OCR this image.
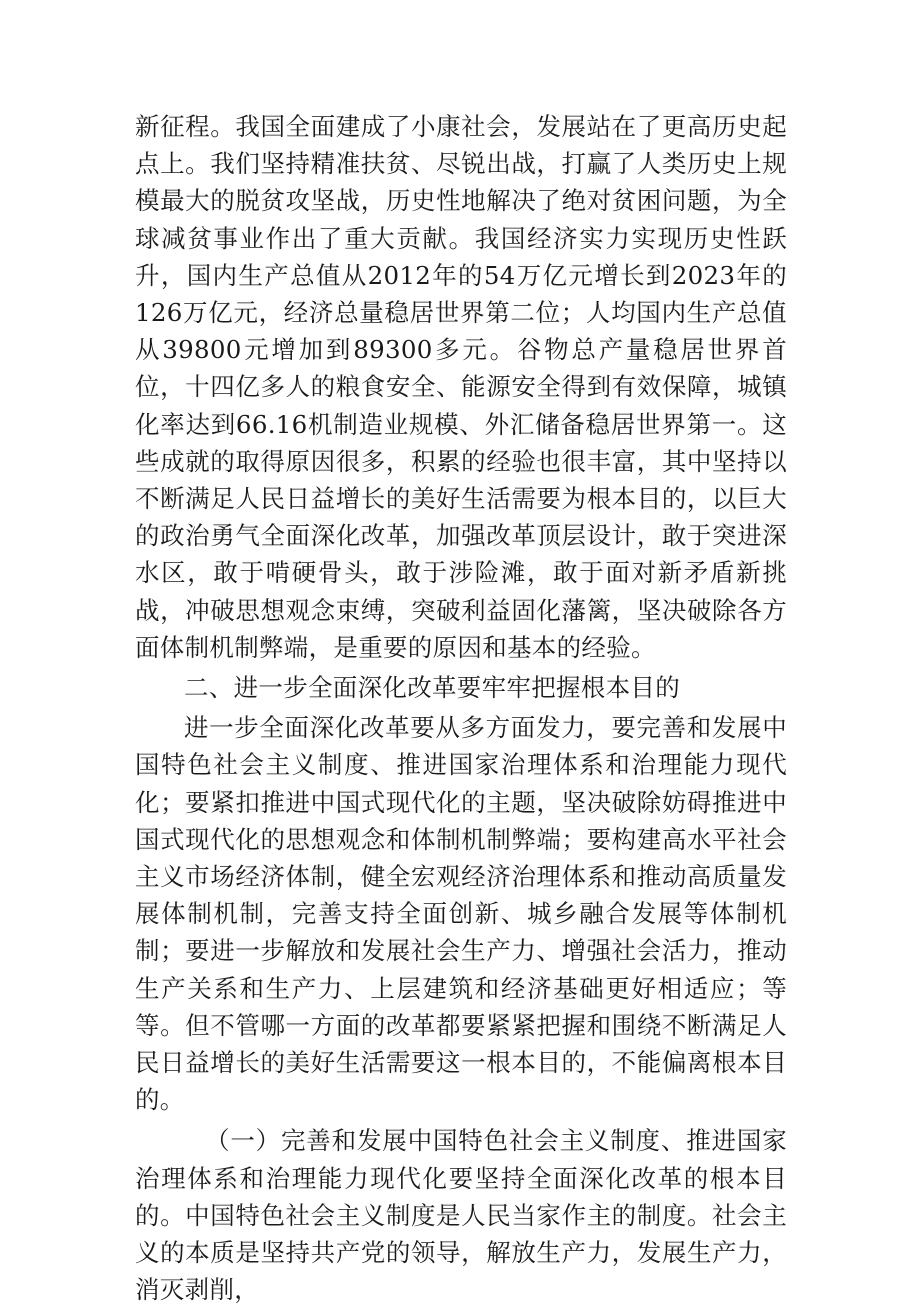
新征程。我国全面建成了小康社会，发展站在了更高历史起点上。我们坚持精准扶贫、尽锐出战，打赢了人类历史上规模最大的脱贫攻坚战，历史性地解决了绝对贫困问题，为全球减贫事业作出了重大贡献。我国经济实力实现历史性跃升，国内生产总值从2012年的54万亿元增长到2023年的126万亿元，经济总量稳居世界第二位；人均国内生产总值从39800元增加到89300多元。谷物总产量稳居世界首位，十四亿多人的粮食安全、能源安全得到有效保障，城镇化率达到66.16机制造业规模、外汇储备稳居世界第一。这些成就的取得原因很多，积累的经验也很丰富，其中坚持以不断满足人民日益增长的美好生活需要为根本目的，以巨大的政治勇气全面深化改革，加强改革顶层设计，敢于突进深水区，敢于啃硬骨头，敢于涉险滩，敢于面对新矛盾新挑战，冲破思想观念束缚，突破利益固化藩篱，坚决破除各方面体制机制弊端，是重要的原因和基本的经验。

二、进一步全面深化改革要牢牢把握根本目的

进一步全面深化改革要从多方面发力，要完善和发展中国特色社会主义制度、推进国家治理体系和治理能力现代化；要紧扣推进中国式现代化的主题，坚决破除妨碍推进中国式现代化的思想观念和体制机制弊端；要构建高水平社会主义市场经济体制，健全宏观经济治理体系和推动高质量发展体制机制，完善支持全面创新、城乡融合发展等体制机制；要进一步解放和发展社会生产力、增强社会活力，推动生产关系和生产力、上层建筑和经济基础更好相适应；等等。但不管哪一方面的改革都要紧紧把握和围绕不断满足人民日益增长的美好生活需要这一根本目的，不能偏离根本目的。

（一）完善和发展中国特色社会主义制度、推进国家治理体系和治理能力现代化要坚持全面深化改革的根本目的。中国特色社会主义制度是人民当家作主的制度。社会主义的本质是坚持共产党的领导，解放生产力，发展生产力，消灭剥削，
